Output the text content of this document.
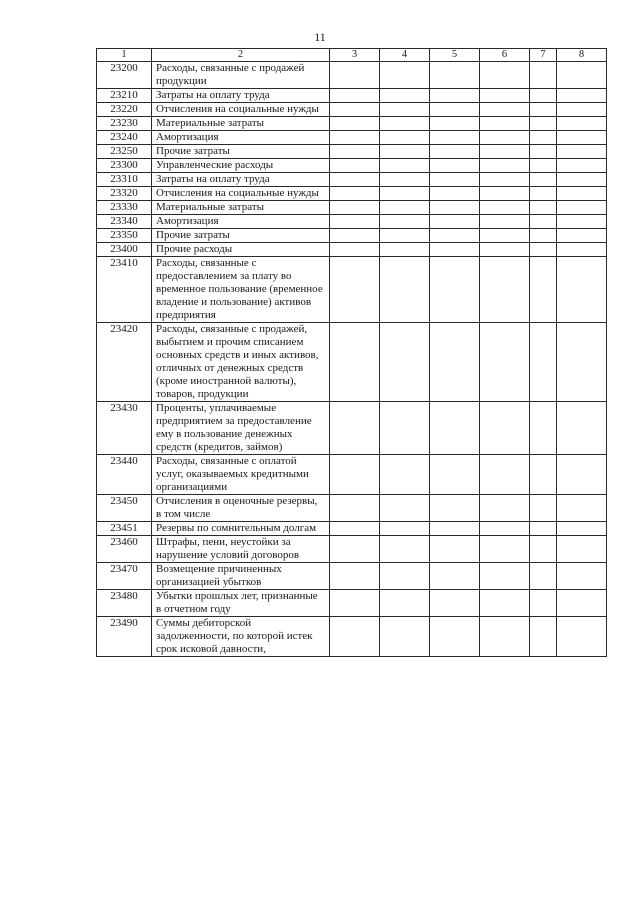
11
1	2	3	4	5	6	7	8
23200	Расходы, связанные с продажей продукции						
23210	Затраты на оплату труда						
23220	Отчисления на социальные нужды						
23230	Материальные затраты						
23240	Амортизация						
23250	Прочие затраты						
23300	Управленческие расходы						
23310	Затраты на оплату труда						
23320	Отчисления на социальные нужды						
23330	Материальные затраты						
23340	Амортизация						
23350	Прочие затраты						
23400	Прочие расходы						
23410	Расходы, связанные с предоставлением за плату во временное пользование (временное владение и пользование) активов предприятия						
23420	Расходы, связанные с продажей, выбытием и прочим списанием основных средств и иных активов, отличных от денежных средств (кроме иностранной валюты), товаров, продукции						
23430	Проценты, уплачиваемые предприятием за предоставление ему в пользование денежных средств (кредитов, займов)						
23440	Расходы, связанные с оплатой услуг, оказываемых кредитными организациями						
23450	Отчисления в оценочные резервы, в том числе						
23451	Резервы по сомнительным долгам						
23460	Штрафы, пени, неустойки за нарушение условий договоров						
23470	Возмещение причиненных организацией убытков						
23480	Убытки прошлых лет, признанные в отчетном году						
23490	Суммы дебиторской задолженности, по которой истек срок исковой давности,						
